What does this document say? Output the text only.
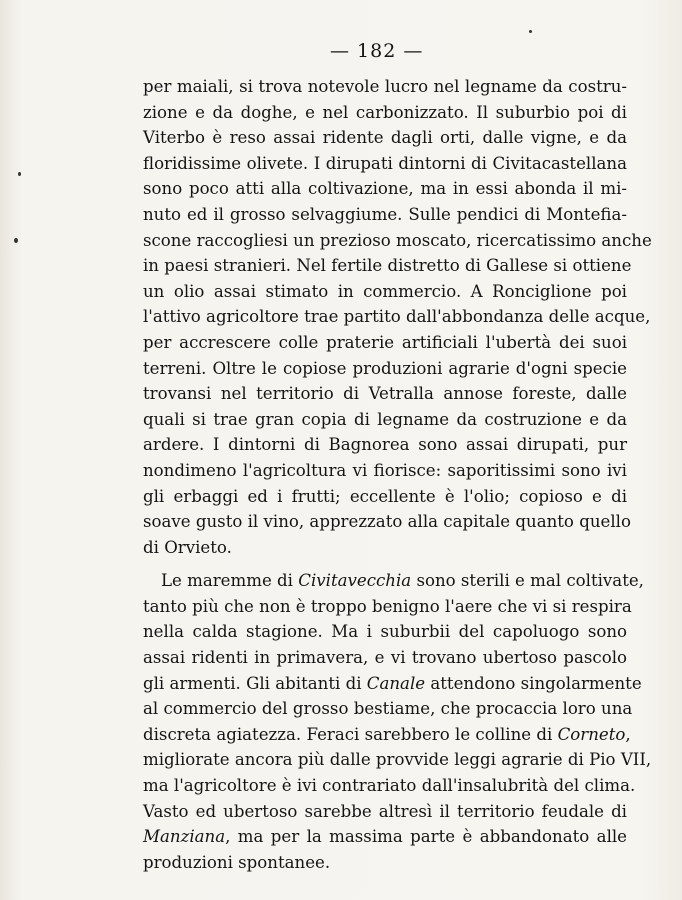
— 182 —
per maiali, si trova notevole lucro nel legname da costru-
zione e da doghe, e nel carbonizzato. Il suburbio poi di
Viterbo è reso assai ridente dagli orti, dalle vigne, e da
floridissime olivete. I dirupati dintorni di Civitacastellana
sono poco atti alla coltivazione, ma in essi abonda il mi-
nuto ed il grosso selvaggiume. Sulle pendici di Montefia-
scone raccogliesi un prezioso moscato, ricercatissimo anche
in paesi stranieri. Nel fertile distretto di Gallese si ottiene
un olio assai stimato in commercio. A Ronciglione poi
l'attivo agricoltore trae partito dall'abbondanza delle acque,
per accrescere colle praterie artificiali l'ubertà dei suoi
terreni. Oltre le copiose produzioni agrarie d'ogni specie
trovansi nel territorio di Vetralla annose foreste, dalle
quali si trae gran copia di legname da costruzione e da
ardere. I dintorni di Bagnorea sono assai dirupati, pur
nondimeno l'agricoltura vi fiorisce: saporitissimi sono ivi
gli erbaggi ed i frutti; eccellente è l'olio; copioso e di
soave gusto il vino, apprezzato alla capitale quanto quello
di Orvieto.
Le maremme di Civitavecchia sono sterili e mal coltivate,
tanto più che non è troppo benigno l'aere che vi si respira
nella calda stagione. Ma i suburbii del capoluogo sono
assai ridenti in primavera, e vi trovano ubertoso pascolo
gli armenti. Gli abitanti di Canale attendono singolarmente
al commercio del grosso bestiame, che procaccia loro una
discreta agiatezza. Feraci sarebbero le colline di Corneto,
migliorate ancora più dalle provvide leggi agrarie di Pio VII,
ma l'agricoltore è ivi contrariato dall'insalubrità del clima.
Vasto ed ubertoso sarebbe altresì il territorio feudale di
Manziana, ma per la massima parte è abbandonato alle
produzioni spontanee.
